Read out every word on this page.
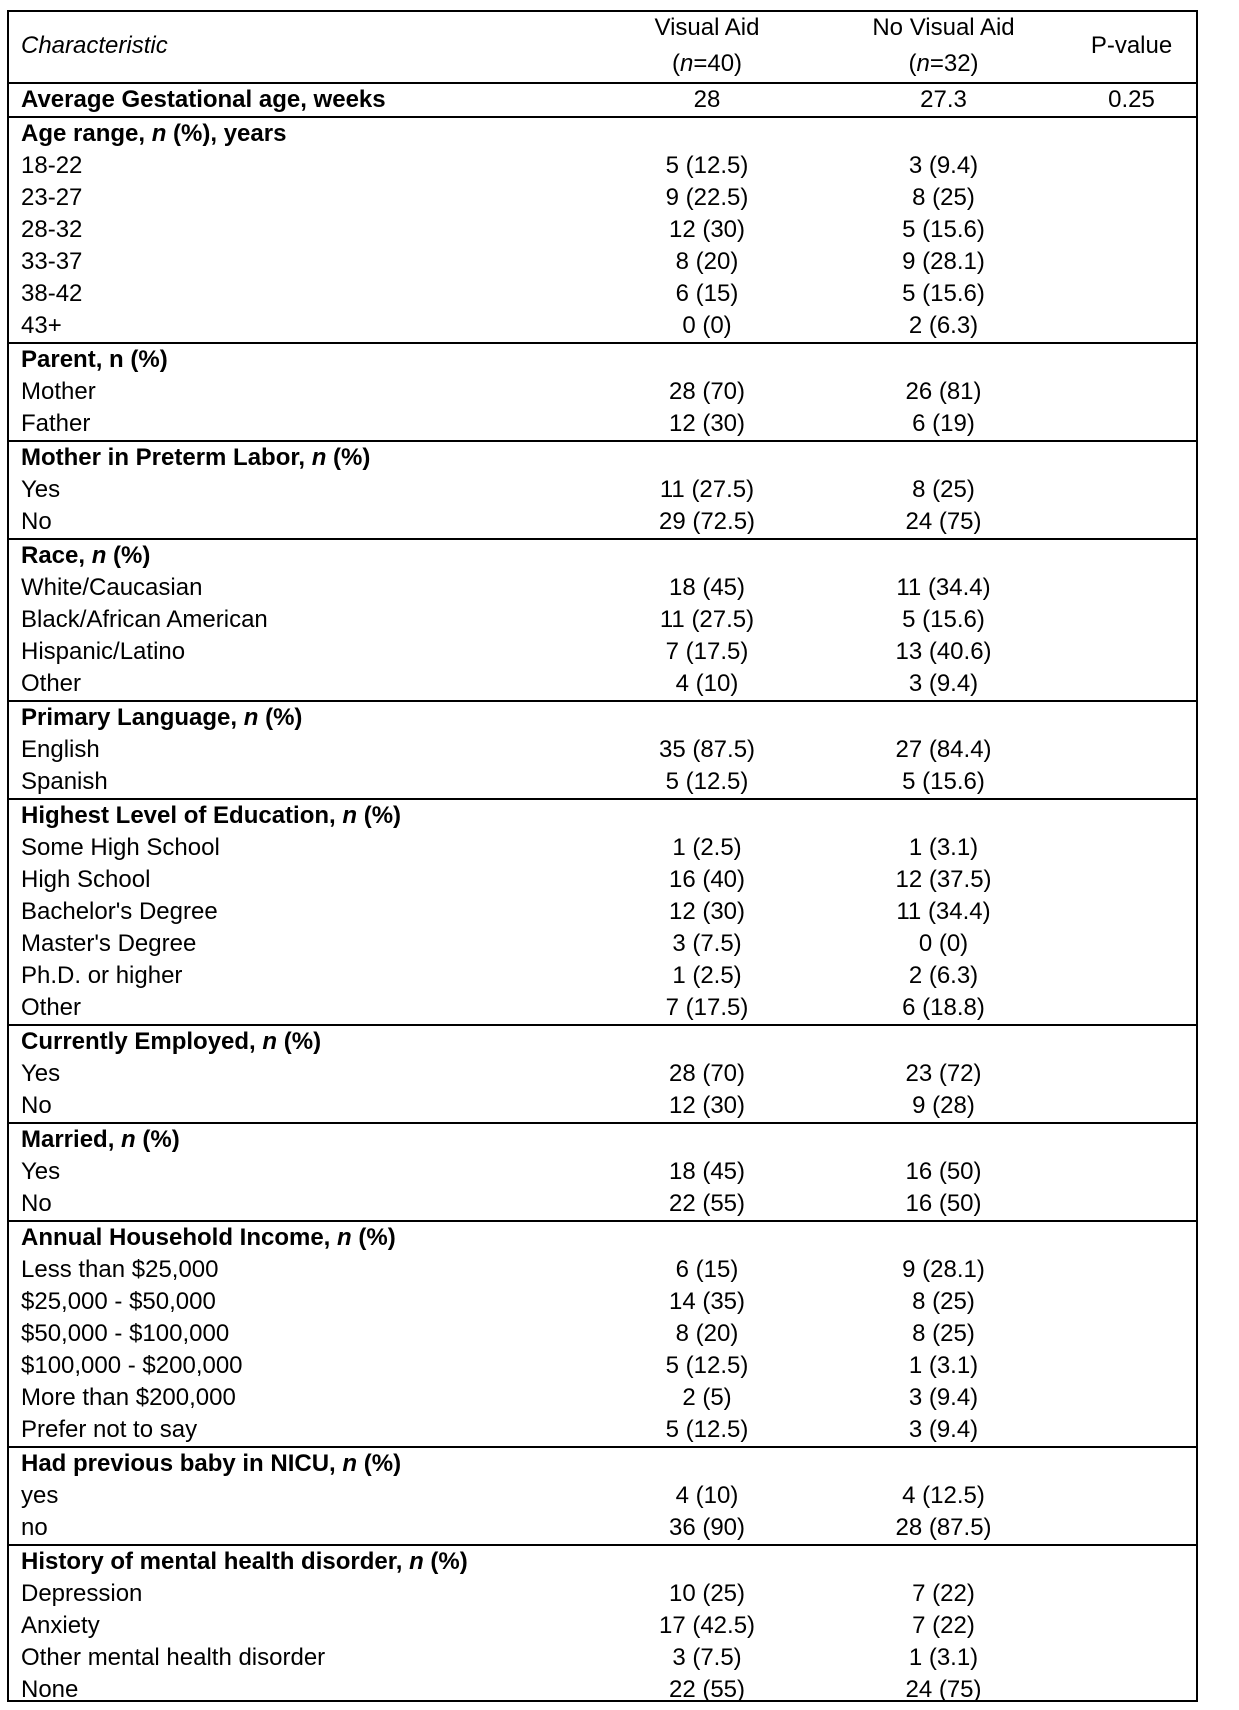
Characteristic	Visual Aid	No Visual Aid	P-value	
	(n=40)	(n=32)		
Average Gestational age, weeks	28	27.3	0.25	
Age range, n (%), years				
18-22	5 (12.5)	3 (9.4)		
23-27	9 (22.5)	8 (25)		
28-32	12 (30)	5 (15.6)		
33-37	8 (20)	9 (28.1)		
38-42	6 (15)	5 (15.6)		
43+	0 (0)	2 (6.3)		
Parent, n (%)				
Mother	28 (70)	26 (81)		
Father	12 (30)	6 (19)		
Mother in Preterm Labor, n (%)				
Yes	11 (27.5)	8 (25)		
No	29 (72.5)	24 (75)		
Race, n (%)				
White/Caucasian	18 (45)	11 (34.4)		
Black/African American	11 (27.5)	5 (15.6)		
Hispanic/Latino	7 (17.5)	13 (40.6)		
Other	4 (10)	3 (9.4)		
Primary Language, n (%)				
English	35 (87.5)	27 (84.4)		
Spanish	5 (12.5)	5 (15.6)		
Highest Level of Education, n (%)				
Some High School	1 (2.5)	1 (3.1)		
High School	16 (40)	12 (37.5)		
Bachelor's Degree	12 (30)	11 (34.4)		
Master's Degree	3 (7.5)	0 (0)		
Ph.D. or higher	1 (2.5)	2 (6.3)		
Other	7 (17.5)	6 (18.8)		
Currently Employed, n (%)				
Yes	28 (70)	23 (72)		
No	12 (30)	9 (28)		
Married, n (%)				
Yes	18 (45)	16 (50)		
No	22 (55)	16 (50)		
Annual Household Income, n (%)				
Less than $25,000	6 (15)	9 (28.1)		
$25,000 - $50,000	14 (35)	8 (25)		
$50,000 - $100,000	8 (20)	8 (25)		
$100,000 - $200,000	5 (12.5)	1 (3.1)		
More than $200,000	2 (5)	3 (9.4)		
Prefer not to say	5 (12.5)	3 (9.4)		
Had previous baby in NICU, n (%)				
yes	4 (10)	4 (12.5)		
no	36 (90)	28 (87.5)		
History of mental health disorder, n (%)				
Depression	10 (25)	7 (22)		
Anxiety	17 (42.5)	7 (22)		
Other mental health disorder	3 (7.5)	1 (3.1)		
None	22 (55)	24 (75)		
